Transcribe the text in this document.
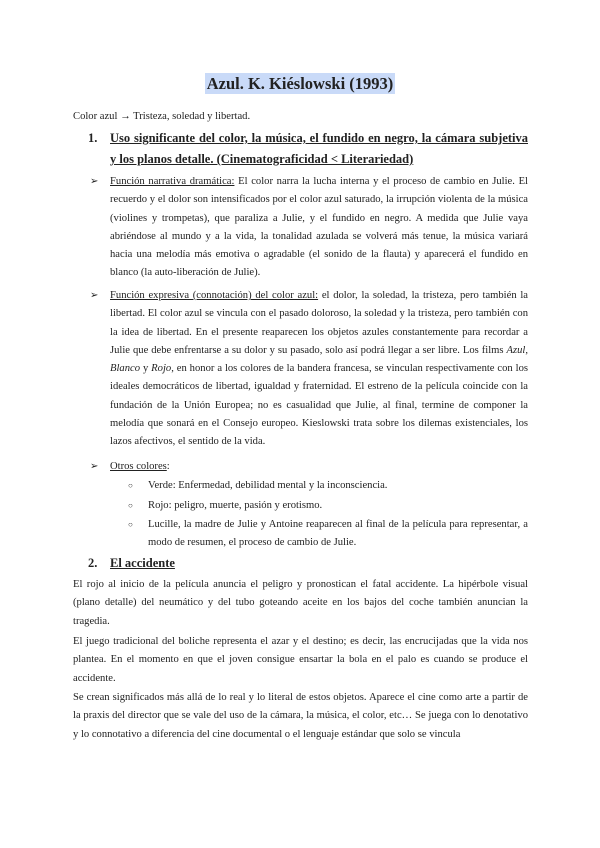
Azul. K. Kiéslowski (1993)
Color azul → Tristeza, soledad y libertad.
1. Uso significante del color, la música, el fundido en negro, la cámara subjetiva y los planos detalle. (Cinematograficidad < Literariedad)
➢ Función narrativa dramática: El color narra la lucha interna y el proceso de cambio en Julie. El recuerdo y el dolor son intensificados por el color azul saturado, la irrupción violenta de la música (violines y trompetas), que paraliza a Julie, y el fundido en negro. A medida que Julie vaya abriéndose al mundo y a la vida, la tonalidad azulada se volverá más tenue, la música variará hacia una melodía más emotiva o agradable (el sonido de la flauta) y aparecerá el fundido en blanco (la auto-liberación de Julie).
➢ Función expresiva (connotación) del color azul: el dolor, la soledad, la tristeza, pero también la libertad. El color azul se vincula con el pasado doloroso, la soledad y la tristeza, pero también con la idea de libertad. En el presente reaparecen los objetos azules constantemente para recordar a Julie que debe enfrentarse a su dolor y su pasado, solo así podrá llegar a ser libre. Los films Azul, Blanco y Rojo, en honor a los colores de la bandera francesa, se vinculan respectivamente con los ideales democráticos de libertad, igualdad y fraternidad. El estreno de la película coincide con la fundación de la Unión Europea; no es casualidad que Julie, al final, termine de componer la melodía que sonará en el Consejo europeo. Kieslowski trata sobre los dilemas existenciales, los lazos afectivos, el sentido de la vida.
➢ Otros colores:
○ Verde: Enfermedad, debilidad mental y la inconsciencia.
○ Rojo: peligro, muerte, pasión y erotismo.
○ Lucille, la madre de Julie y Antoine reaparecen al final de la película para representar, a modo de resumen, el proceso de cambio de Julie.
2. El accidente
El rojo al inicio de la película anuncia el peligro y pronostican el fatal accidente. La hipérbole visual (plano detalle) del neumático y del tubo goteando aceite en los bajos del coche también anuncian la tragedia.
El juego tradicional del boliche representa el azar y el destino; es decir, las encrucijadas que la vida nos plantea. En el momento en que el joven consigue ensartar la bola en el palo es cuando se produce el accidente.
Se crean significados más allá de lo real y lo literal de estos objetos. Aparece el cine como arte a partir de la praxis del director que se vale del uso de la cámara, la música, el color, etc… Se juega con lo denotativo y lo connotativo a diferencia del cine documental o el lenguaje estándar que solo se vincula
